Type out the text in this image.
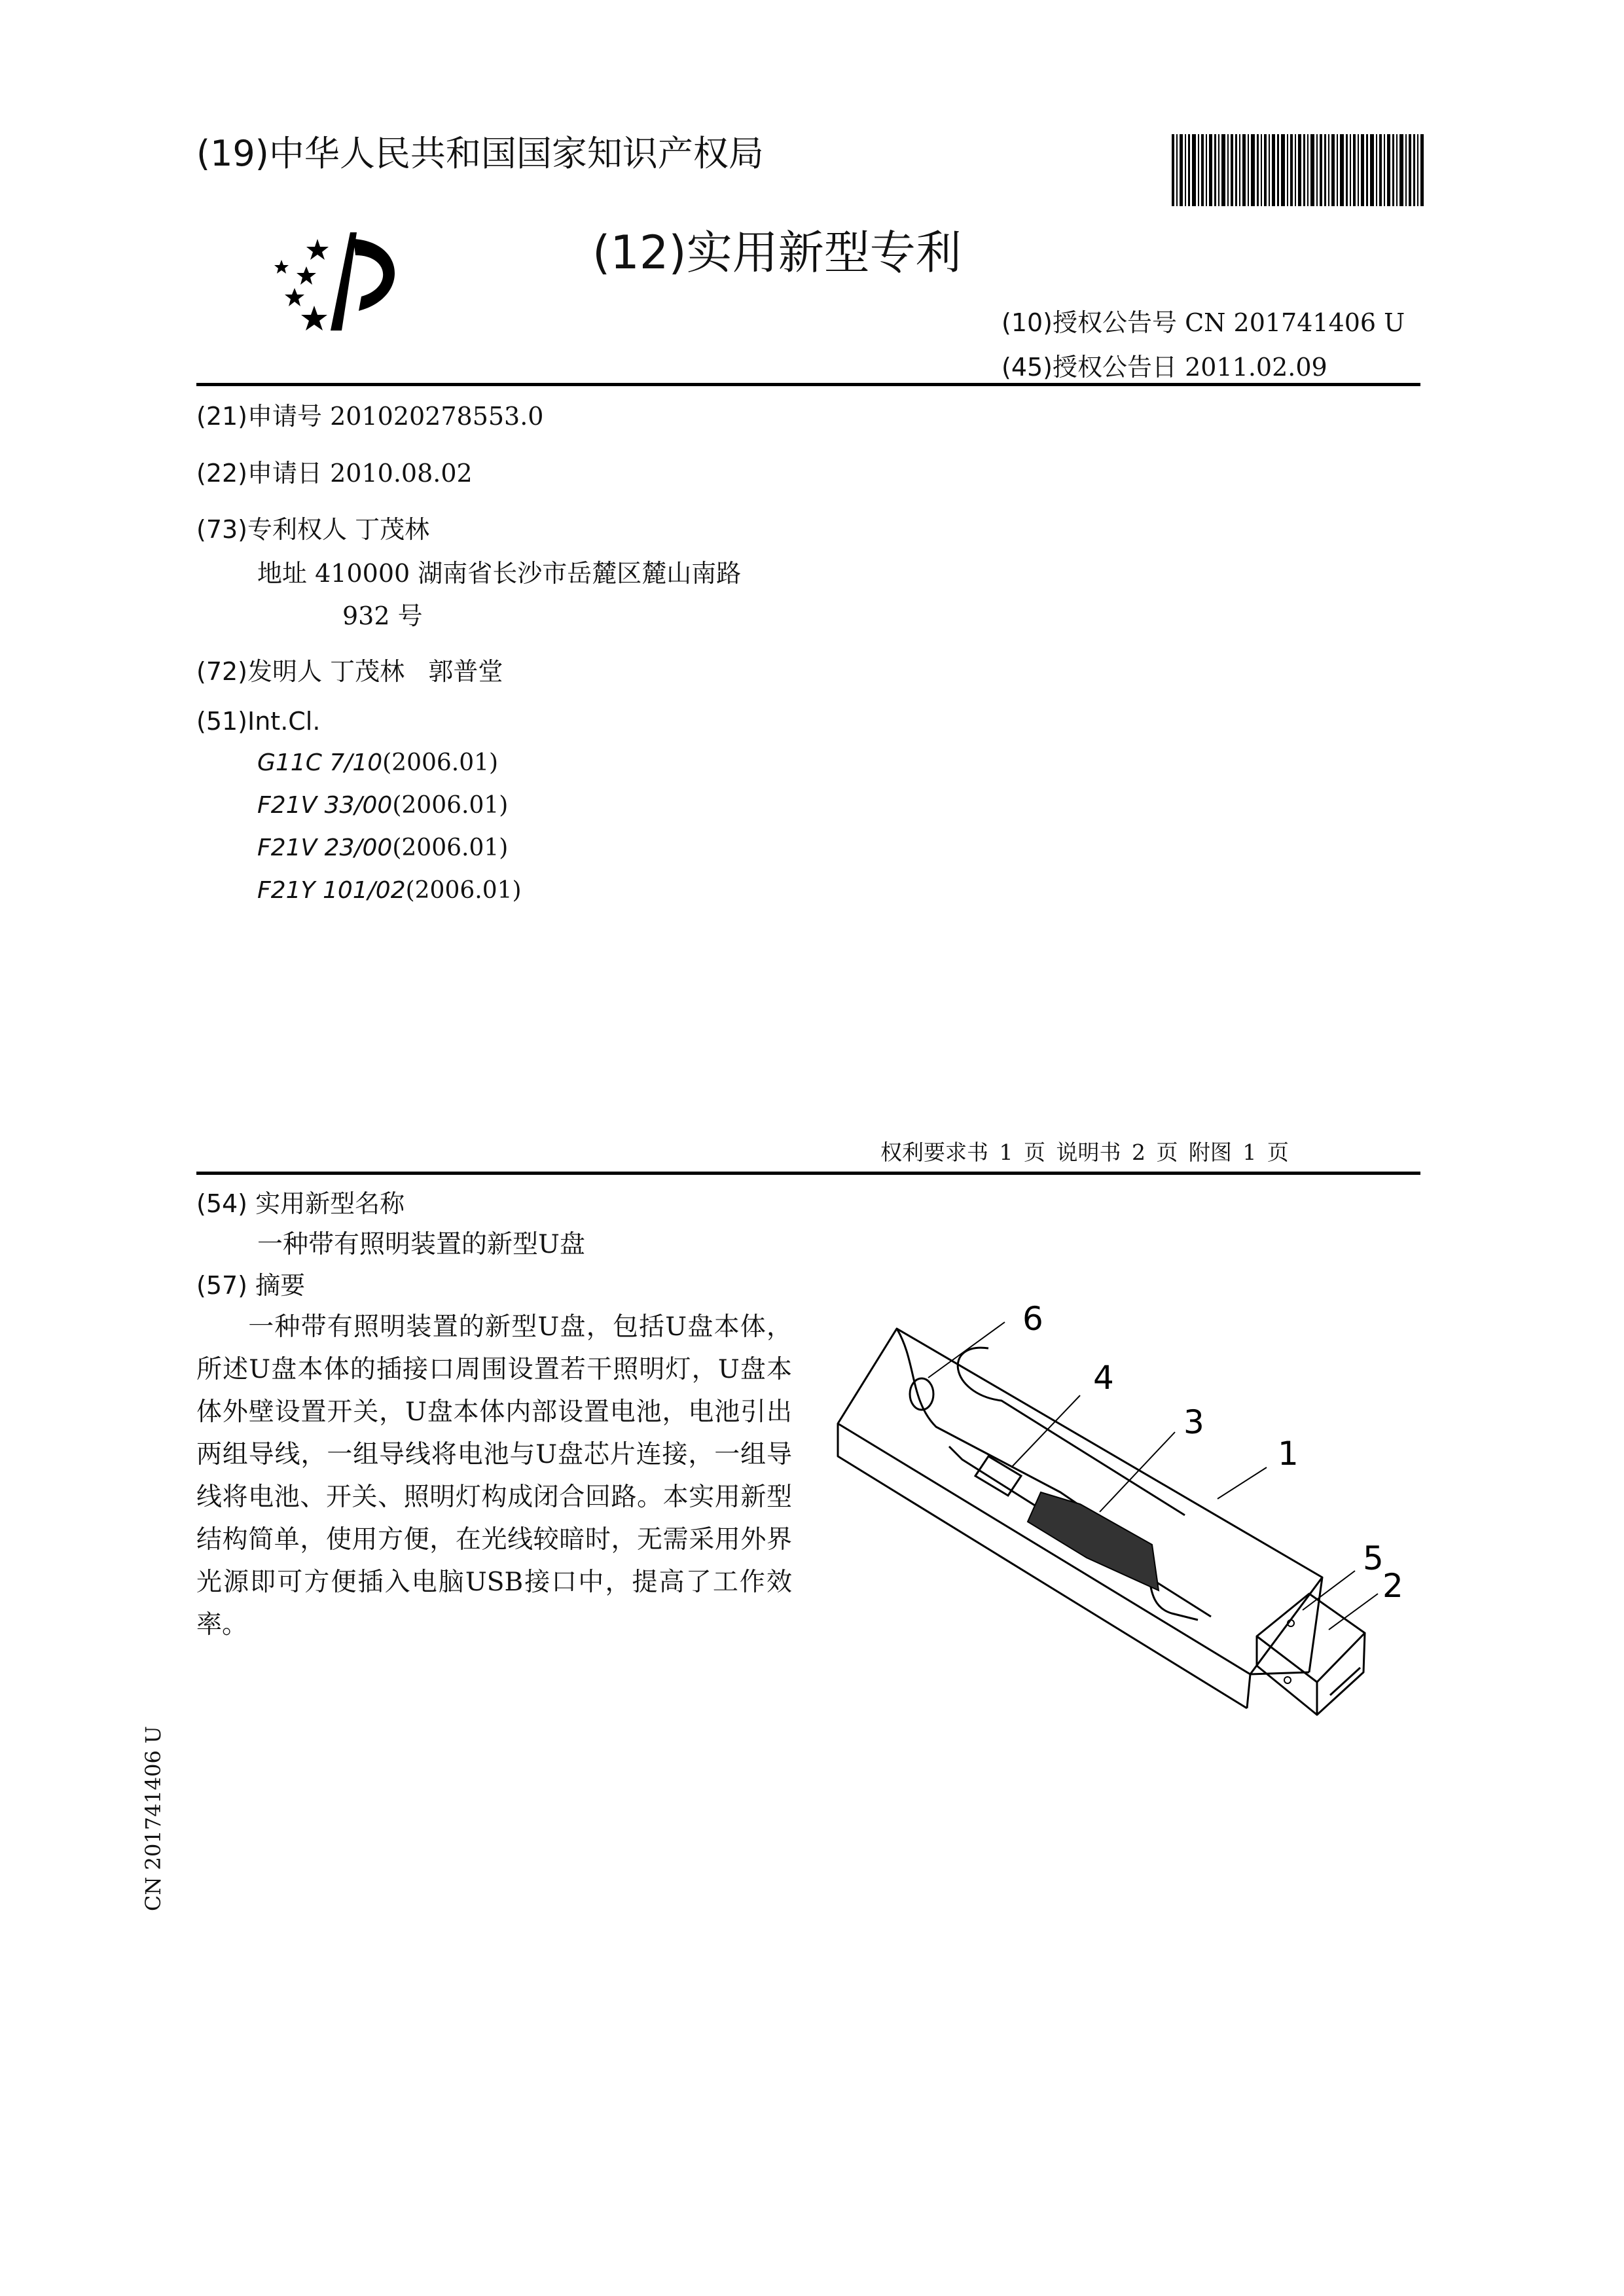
(19)中华人民共和国国家知识产权局
(12)实用新型专利
(10)授权公告号 CN 201741406 U
(45)授权公告日 2011.02.09
(21)申请号 201020278553.0
(22)申请日 2010.08.02
(73)专利权人 丁茂林
地址 410000 湖南省长沙市岳麓区麓山南路
932 号
(72)发明人 丁茂林   郭普堂
(51)Int.Cl.
G11C 7/10(2006.01)
F21V 33/00(2006.01)
F21V 23/00(2006.01)
F21Y 101/02(2006.01)
权利要求书 1 页 说明书 2 页 附图 1 页
(54) 实用新型名称
一种带有照明装置的新型U盘
(57) 摘要
一种带有照明装置的新型U盘，包括U盘本体，所述U盘本体的插接口周围设置若干照明灯，U盘本体外壁设置开关，U盘本体内部设置电池，电池引出两组导线，一组导线将电池与U盘芯片连接，一组导线将电池、开关、照明灯构成闭合回路。本实用新型结构简单，使用方便，在光线较暗时，无需采用外界光源即可方便插入电脑USB接口中，提高了工作效率。
6
4
3
1
5
2
CN 201741406 U
